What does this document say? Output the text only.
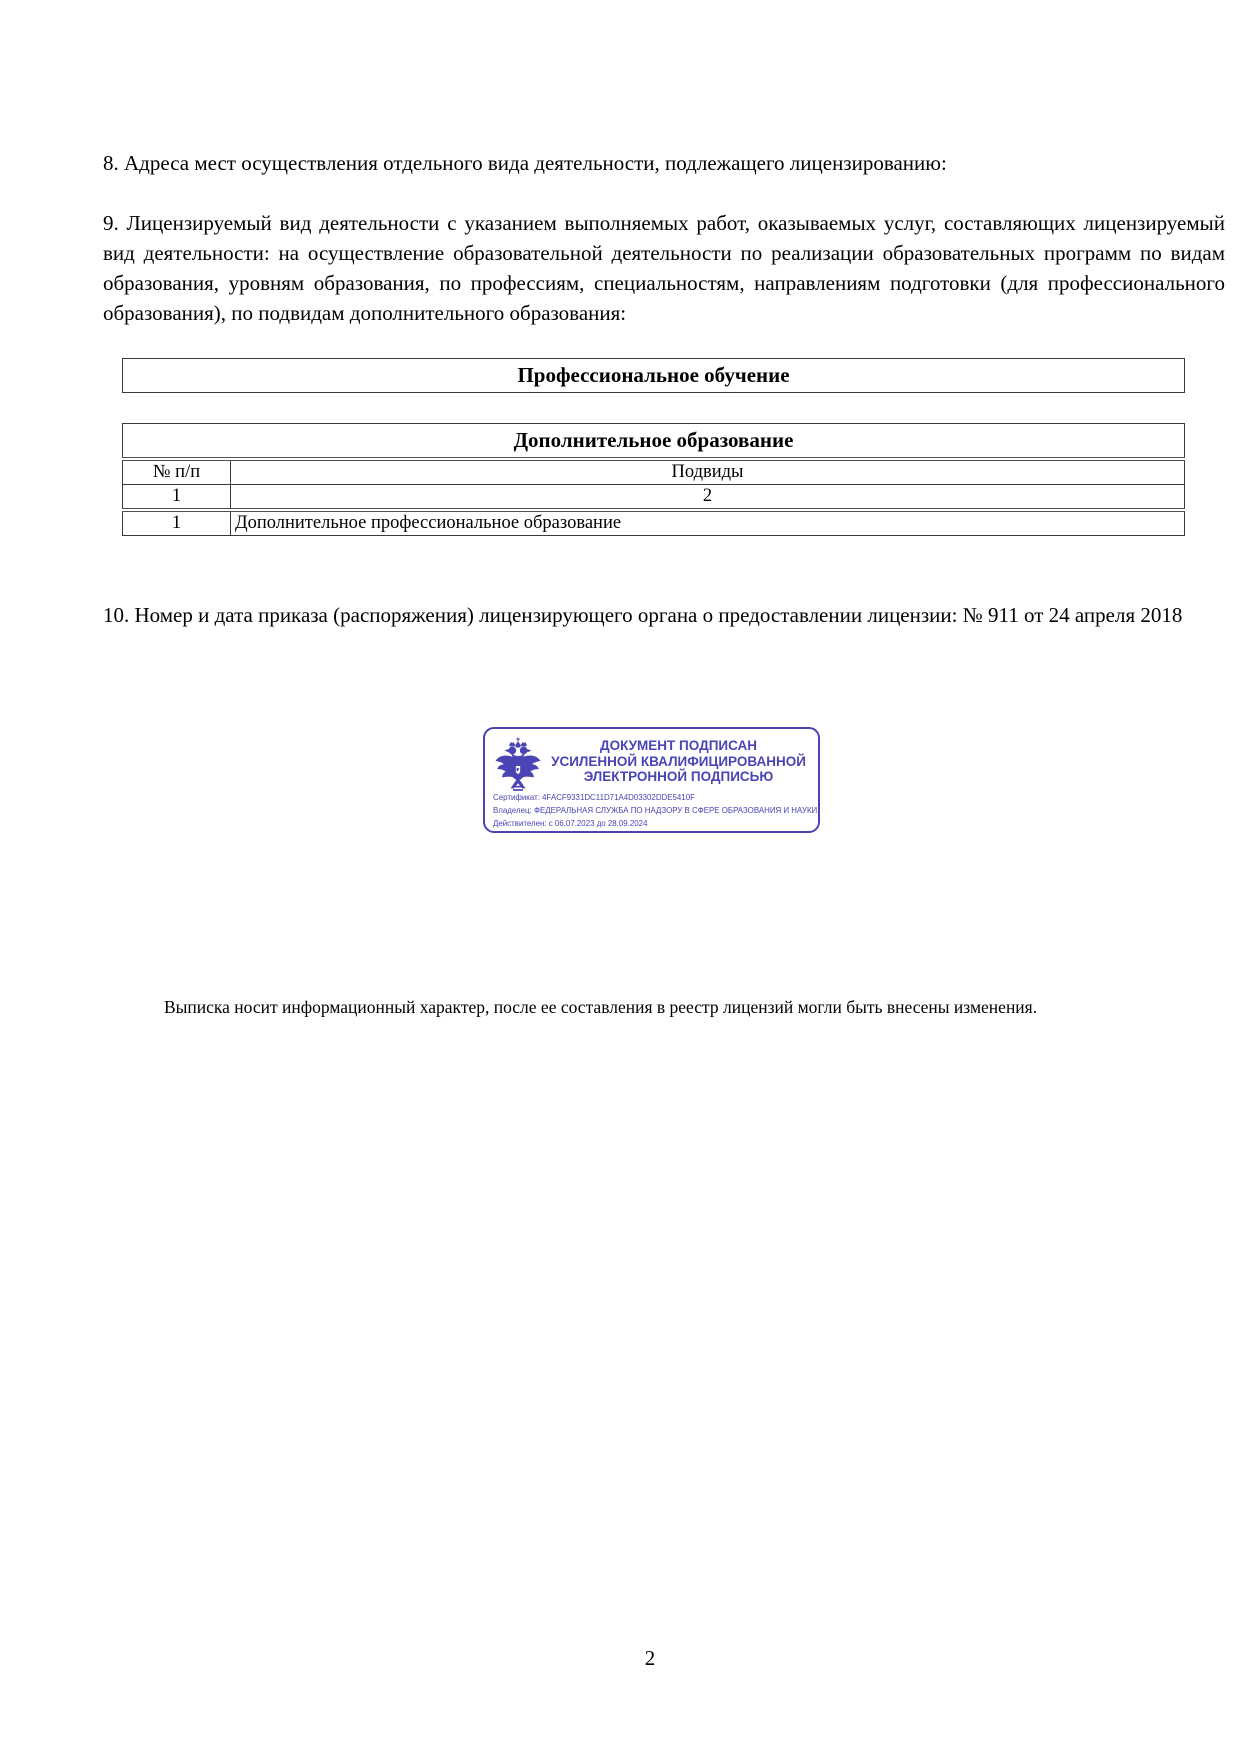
8. Адреса мест осуществления отдельного вида деятельности, подлежащего лицензированию:
9. Лицензируемый вид деятельности с указанием выполняемых работ, оказываемых услуг, составляющих лицензируемый вид деятельности: на осуществление образовательной деятельности по реализации образовательных программ по видам образования, уровням образования, по профессиям, специальностям, направлениям подготовки (для профессионального образования), по подвидам дополнительного образования:
Профессиональное обучение
Дополнительное образование	
№ п/п	Подвиды
1	2
1	Дополнительное профессиональное образование
10. Номер и дата приказа (распоряжения) лицензирующего органа о предоставлении лицензии: № 911 от 24 апреля 2018
ДОКУМЕНТ ПОДПИСАН
УСИЛЕННОЙ КВАЛИФИЦИРОВАННОЙ
ЭЛЕКТРОННОЙ ПОДПИСЬЮ
Сертификат: 4FACF9331DC11D71A4D03302DDE5410F
Владелец: ФЕДЕРАЛЬНАЯ СЛУЖБА ПО НАДЗОРУ В СФЕРЕ ОБРАЗОВАНИЯ И НАУКИ
Действителен: с 06.07.2023 до 28.09.2024
Выписка носит информационный характер, после ее составления в реестр лицензий могли быть внесены изменения.
2
